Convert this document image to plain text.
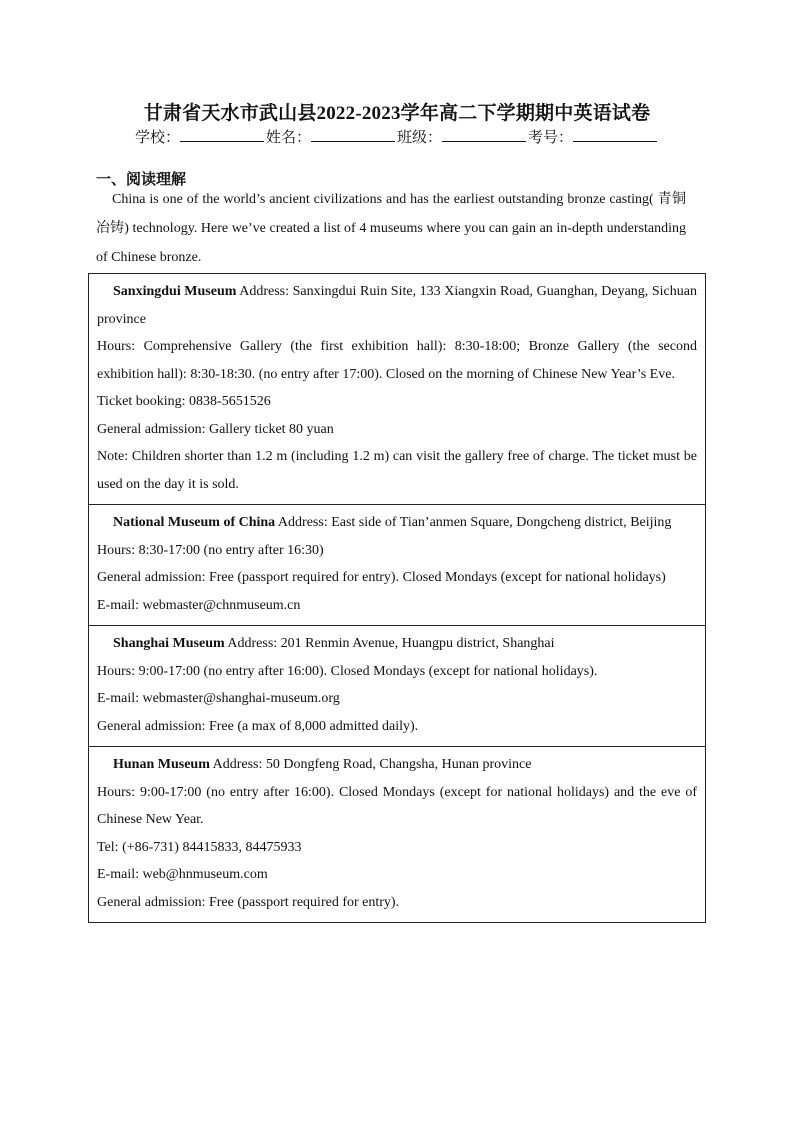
甘肃省天水市武山县2022-2023学年高二下学期期中英语试卷
学校：	姓名：	班级：	考号：
一、阅读理解
China is one of the world’s ancient civilizations and has the earliest outstanding bronze casting( 青铜冶铸) technology. Here we’ve created a list of 4 museums where you can gain an in-depth understanding of Chinese bronze.
Sanxingdui Museum Address: Sanxingdui Ruin Site, 133 Xiangxin Road, Guanghan, Deyang, Sichuan province
Hours: Comprehensive Gallery (the first exhibition hall): 8:30-18:00; Bronze Gallery (the second exhibition hall): 8:30-18:30. (no entry after 17:00). Closed on the morning of Chinese New Year’s Eve.
Ticket booking: 0838-5651526
General admission: Gallery ticket 80 yuan
Note: Children shorter than 1.2 m (including 1.2 m) can visit the gallery free of charge. The ticket must be used on the day it is sold.

National Museum of China Address: East side of Tian’anmen Square, Dongcheng district, Beijing
Hours: 8:30-17:00 (no entry after 16:30)
General admission: Free (passport required for entry). Closed Mondays (except for national holidays)
E-mail: webmaster@chnmuseum.cn

Shanghai Museum Address: 201 Renmin Avenue, Huangpu district, Shanghai
Hours: 9:00-17:00 (no entry after 16:00). Closed Mondays (except for national holidays).
E-mail: webmaster@shanghai-museum.org
General admission: Free (a max of 8,000 admitted daily).

Hunan Museum Address: 50 Dongfeng Road, Changsha, Hunan province
Hours: 9:00-17:00 (no entry after 16:00). Closed Mondays (except for national holidays) and the eve of Chinese New Year.
Tel: (+86-731) 84415833, 84475933
E-mail: web@hnmuseum.com
General admission: Free (passport required for entry).
